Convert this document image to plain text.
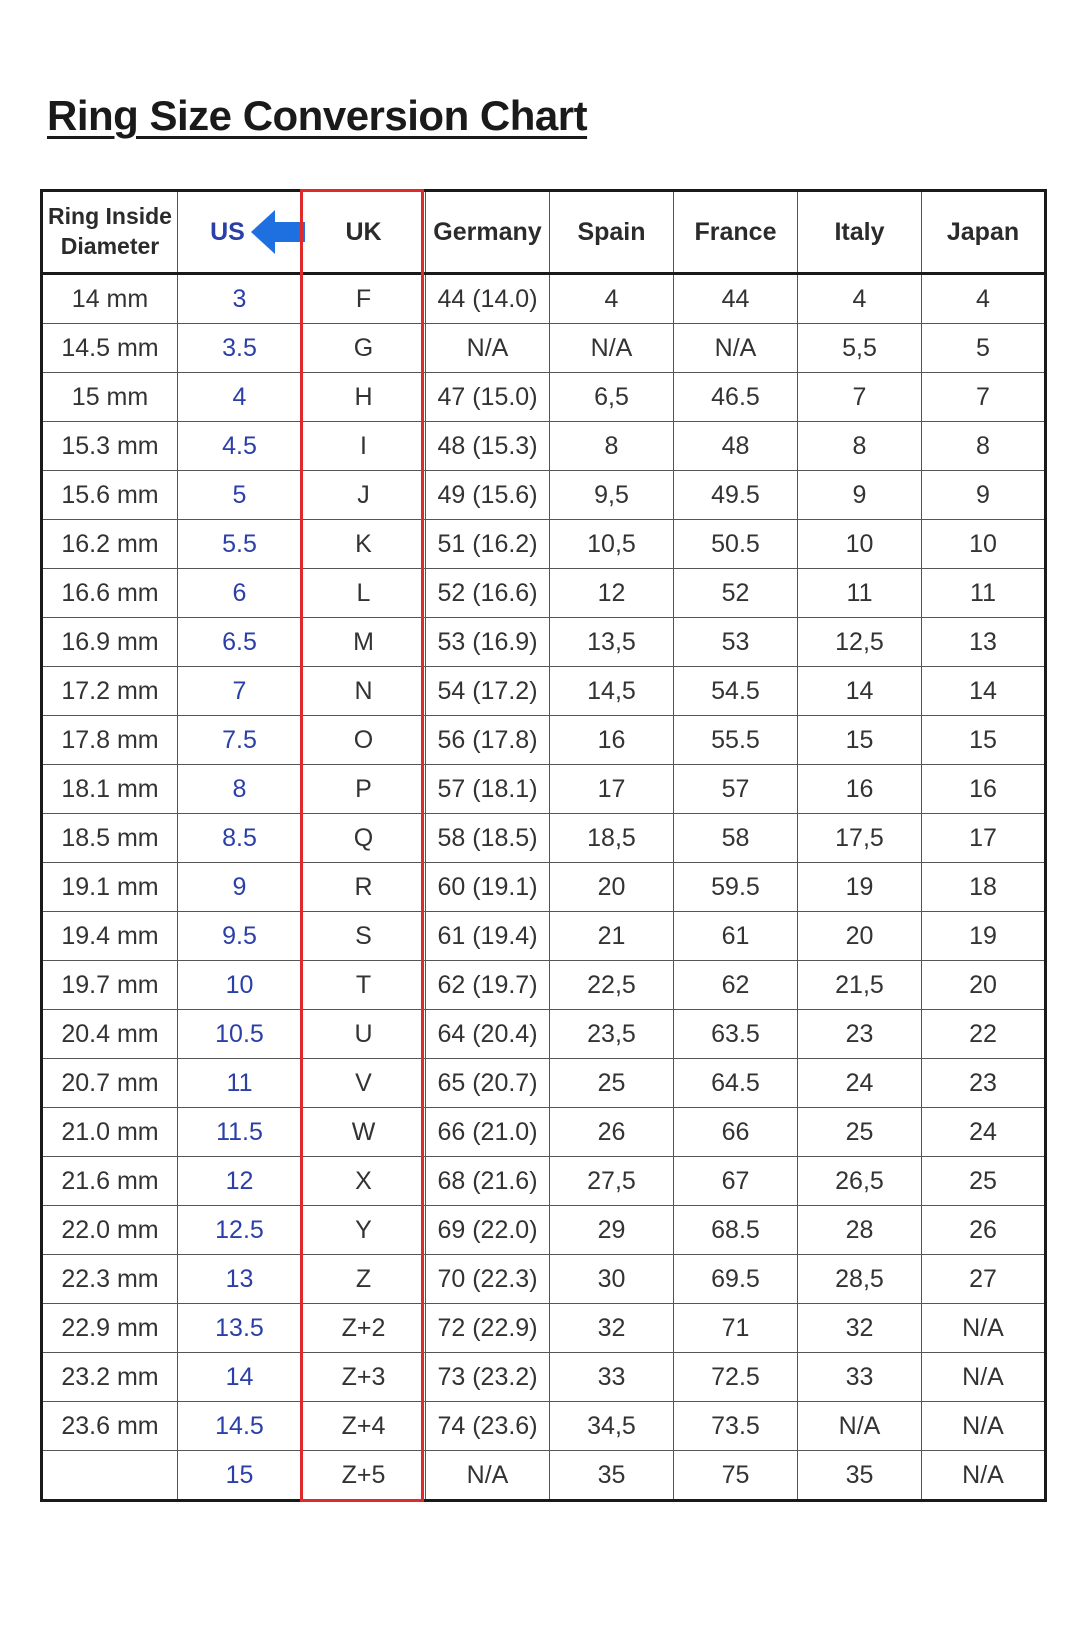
Ring Size Conversion Chart
Ring Inside
Diameter	US	UK	Germany	Spain	France	Italy	Japan
14 mm	3	F	44 (14.0)	4	44	4	4
14.5 mm	3.5	G	N/A	N/A	N/A	5,5	5
15 mm	4	H	47 (15.0)	6,5	46.5	7	7
15.3 mm	4.5	I	48 (15.3)	8	48	8	8
15.6 mm	5	J	49 (15.6)	9,5	49.5	9	9
16.2 mm	5.5	K	51 (16.2)	10,5	50.5	10	10
16.6 mm	6	L	52 (16.6)	12	52	11	11
16.9 mm	6.5	M	53 (16.9)	13,5	53	12,5	13
17.2 mm	7	N	54 (17.2)	14,5	54.5	14	14
17.8 mm	7.5	O	56 (17.8)	16	55.5	15	15
18.1 mm	8	P	57 (18.1)	17	57	16	16
18.5 mm	8.5	Q	58 (18.5)	18,5	58	17,5	17
19.1 mm	9	R	60 (19.1)	20	59.5	19	18
19.4 mm	9.5	S	61 (19.4)	21	61	20	19
19.7 mm	10	T	62 (19.7)	22,5	62	21,5	20
20.4 mm	10.5	U	64 (20.4)	23,5	63.5	23	22
20.7 mm	11	V	65 (20.7)	25	64.5	24	23
21.0 mm	11.5	W	66 (21.0)	26	66	25	24
21.6 mm	12	X	68 (21.6)	27,5	67	26,5	25
22.0 mm	12.5	Y	69 (22.0)	29	68.5	28	26
22.3 mm	13	Z	70 (22.3)	30	69.5	28,5	27
22.9 mm	13.5	Z+2	72 (22.9)	32	71	32	N/A
23.2 mm	14	Z+3	73 (23.2)	33	72.5	33	N/A
23.6 mm	14.5	Z+4	74 (23.6)	34,5	73.5	N/A	N/A
	15	Z+5	N/A	35	75	35	N/A
